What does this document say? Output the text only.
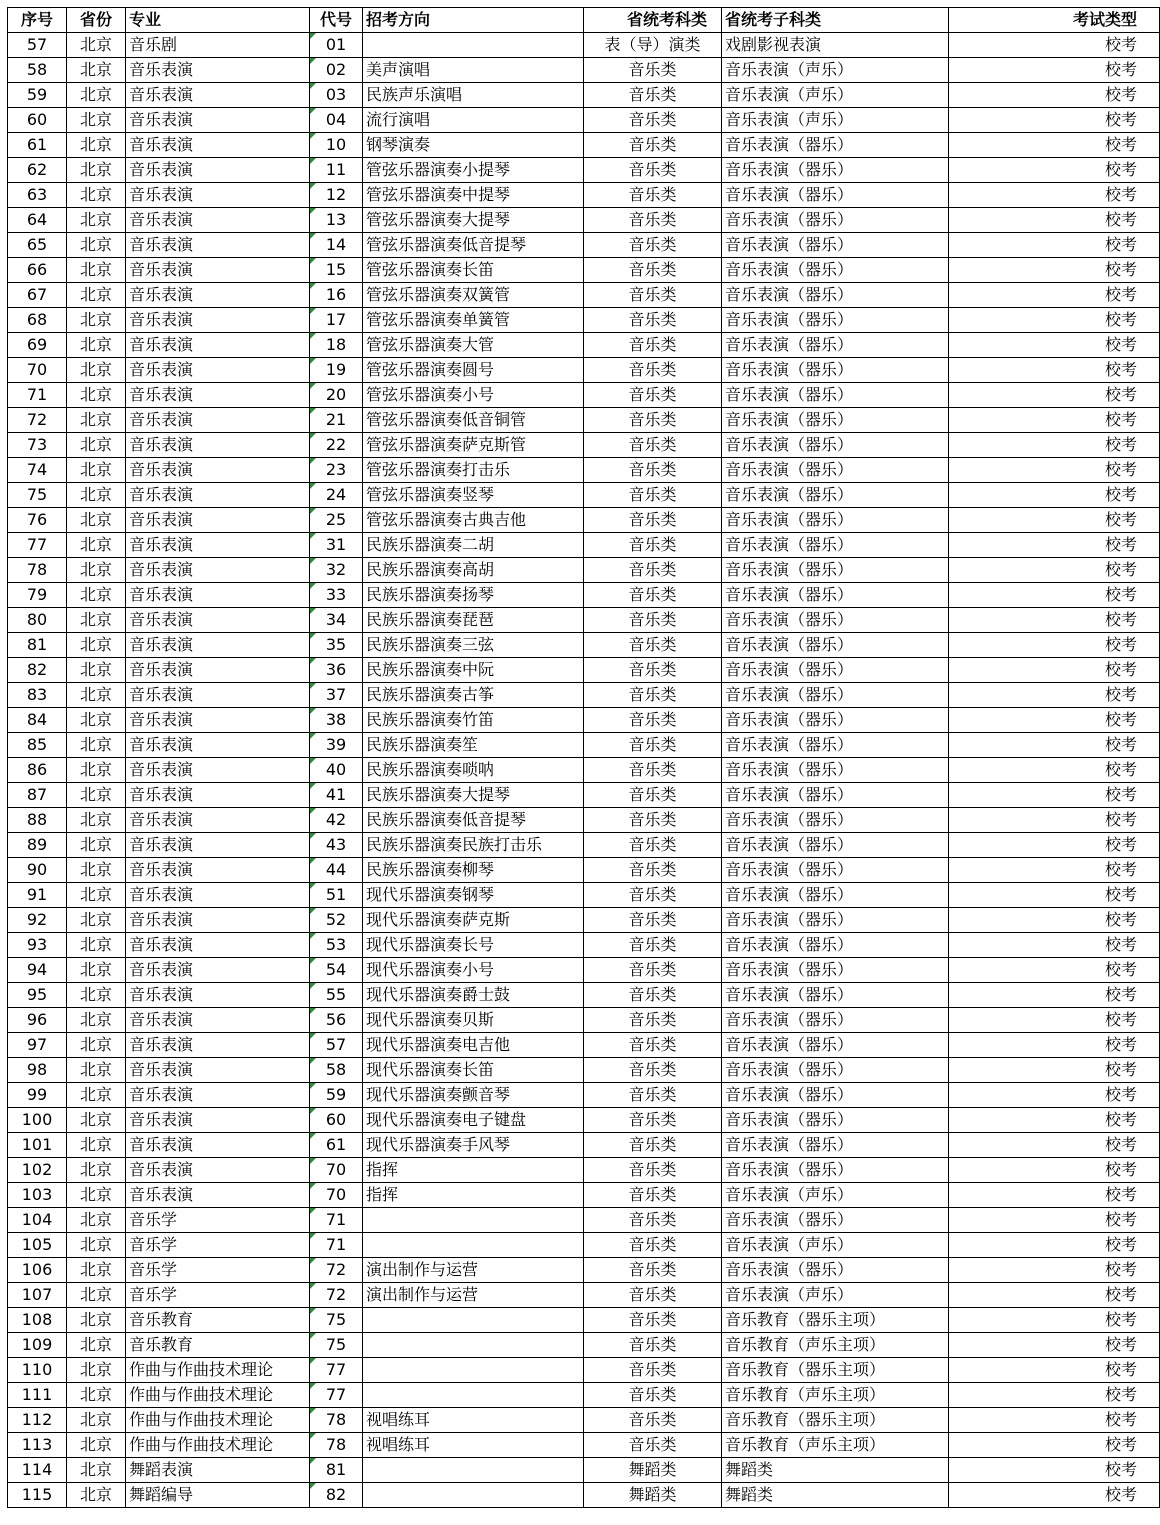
序号	省份	专业	代号	招考方向	省统考科类	省统考子科类	考试类型
57	北京	音乐剧	01		表（导）演类	戏剧影视表演	校考
58	北京	音乐表演	02	美声演唱	音乐类	音乐表演（声乐）	校考
59	北京	音乐表演	03	民族声乐演唱	音乐类	音乐表演（声乐）	校考
60	北京	音乐表演	04	流行演唱	音乐类	音乐表演（声乐）	校考
61	北京	音乐表演	10	钢琴演奏	音乐类	音乐表演（器乐）	校考
62	北京	音乐表演	11	管弦乐器演奏小提琴	音乐类	音乐表演（器乐）	校考
63	北京	音乐表演	12	管弦乐器演奏中提琴	音乐类	音乐表演（器乐）	校考
64	北京	音乐表演	13	管弦乐器演奏大提琴	音乐类	音乐表演（器乐）	校考
65	北京	音乐表演	14	管弦乐器演奏低音提琴	音乐类	音乐表演（器乐）	校考
66	北京	音乐表演	15	管弦乐器演奏长笛	音乐类	音乐表演（器乐）	校考
67	北京	音乐表演	16	管弦乐器演奏双簧管	音乐类	音乐表演（器乐）	校考
68	北京	音乐表演	17	管弦乐器演奏单簧管	音乐类	音乐表演（器乐）	校考
69	北京	音乐表演	18	管弦乐器演奏大管	音乐类	音乐表演（器乐）	校考
70	北京	音乐表演	19	管弦乐器演奏圆号	音乐类	音乐表演（器乐）	校考
71	北京	音乐表演	20	管弦乐器演奏小号	音乐类	音乐表演（器乐）	校考
72	北京	音乐表演	21	管弦乐器演奏低音铜管	音乐类	音乐表演（器乐）	校考
73	北京	音乐表演	22	管弦乐器演奏萨克斯管	音乐类	音乐表演（器乐）	校考
74	北京	音乐表演	23	管弦乐器演奏打击乐	音乐类	音乐表演（器乐）	校考
75	北京	音乐表演	24	管弦乐器演奏竖琴	音乐类	音乐表演（器乐）	校考
76	北京	音乐表演	25	管弦乐器演奏古典吉他	音乐类	音乐表演（器乐）	校考
77	北京	音乐表演	31	民族乐器演奏二胡	音乐类	音乐表演（器乐）	校考
78	北京	音乐表演	32	民族乐器演奏高胡	音乐类	音乐表演（器乐）	校考
79	北京	音乐表演	33	民族乐器演奏扬琴	音乐类	音乐表演（器乐）	校考
80	北京	音乐表演	34	民族乐器演奏琵琶	音乐类	音乐表演（器乐）	校考
81	北京	音乐表演	35	民族乐器演奏三弦	音乐类	音乐表演（器乐）	校考
82	北京	音乐表演	36	民族乐器演奏中阮	音乐类	音乐表演（器乐）	校考
83	北京	音乐表演	37	民族乐器演奏古筝	音乐类	音乐表演（器乐）	校考
84	北京	音乐表演	38	民族乐器演奏竹笛	音乐类	音乐表演（器乐）	校考
85	北京	音乐表演	39	民族乐器演奏笙	音乐类	音乐表演（器乐）	校考
86	北京	音乐表演	40	民族乐器演奏唢呐	音乐类	音乐表演（器乐）	校考
87	北京	音乐表演	41	民族乐器演奏大提琴	音乐类	音乐表演（器乐）	校考
88	北京	音乐表演	42	民族乐器演奏低音提琴	音乐类	音乐表演（器乐）	校考
89	北京	音乐表演	43	民族乐器演奏民族打击乐	音乐类	音乐表演（器乐）	校考
90	北京	音乐表演	44	民族乐器演奏柳琴	音乐类	音乐表演（器乐）	校考
91	北京	音乐表演	51	现代乐器演奏钢琴	音乐类	音乐表演（器乐）	校考
92	北京	音乐表演	52	现代乐器演奏萨克斯	音乐类	音乐表演（器乐）	校考
93	北京	音乐表演	53	现代乐器演奏长号	音乐类	音乐表演（器乐）	校考
94	北京	音乐表演	54	现代乐器演奏小号	音乐类	音乐表演（器乐）	校考
95	北京	音乐表演	55	现代乐器演奏爵士鼓	音乐类	音乐表演（器乐）	校考
96	北京	音乐表演	56	现代乐器演奏贝斯	音乐类	音乐表演（器乐）	校考
97	北京	音乐表演	57	现代乐器演奏电吉他	音乐类	音乐表演（器乐）	校考
98	北京	音乐表演	58	现代乐器演奏长笛	音乐类	音乐表演（器乐）	校考
99	北京	音乐表演	59	现代乐器演奏颤音琴	音乐类	音乐表演（器乐）	校考
100	北京	音乐表演	60	现代乐器演奏电子键盘	音乐类	音乐表演（器乐）	校考
101	北京	音乐表演	61	现代乐器演奏手风琴	音乐类	音乐表演（器乐）	校考
102	北京	音乐表演	70	指挥	音乐类	音乐表演（器乐）	校考
103	北京	音乐表演	70	指挥	音乐类	音乐表演（声乐）	校考
104	北京	音乐学	71		音乐类	音乐表演（器乐）	校考
105	北京	音乐学	71		音乐类	音乐表演（声乐）	校考
106	北京	音乐学	72	演出制作与运营	音乐类	音乐表演（器乐）	校考
107	北京	音乐学	72	演出制作与运营	音乐类	音乐表演（声乐）	校考
108	北京	音乐教育	75		音乐类	音乐教育（器乐主项）	校考
109	北京	音乐教育	75		音乐类	音乐教育（声乐主项）	校考
110	北京	作曲与作曲技术理论	77		音乐类	音乐教育（器乐主项）	校考
111	北京	作曲与作曲技术理论	77		音乐类	音乐教育（声乐主项）	校考
112	北京	作曲与作曲技术理论	78	视唱练耳	音乐类	音乐教育（器乐主项）	校考
113	北京	作曲与作曲技术理论	78	视唱练耳	音乐类	音乐教育（声乐主项）	校考
114	北京	舞蹈表演	81		舞蹈类	舞蹈类	校考
115	北京	舞蹈编导	82		舞蹈类	舞蹈类	校考
